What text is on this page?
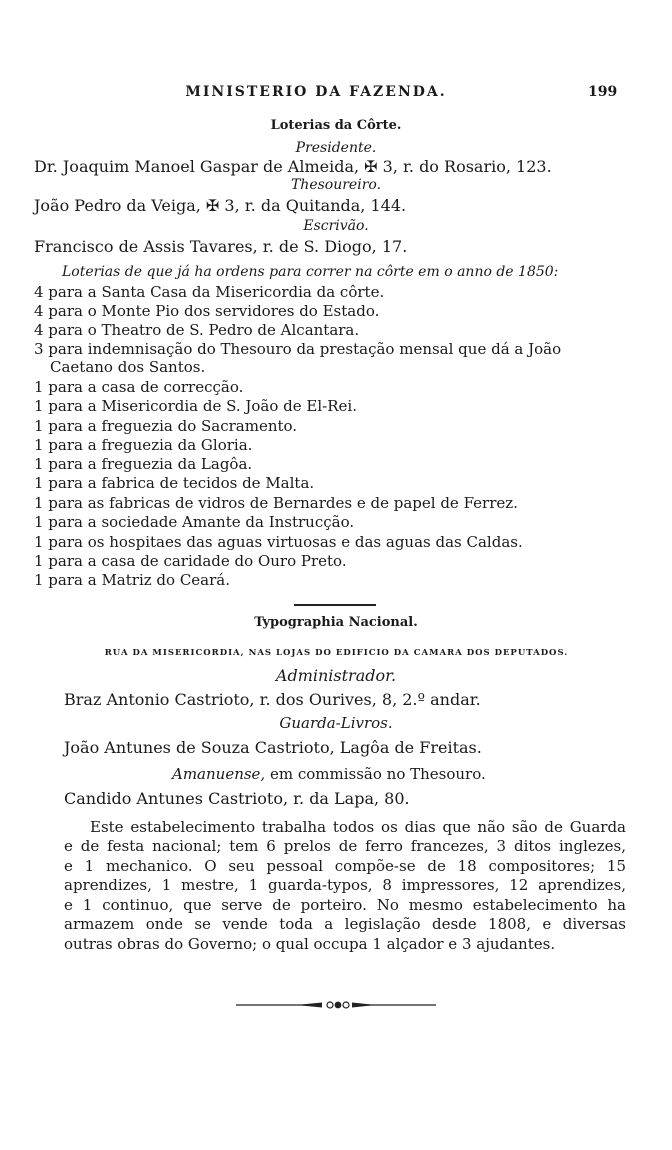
MINISTERIO DA FAZENDA.	199
Loterias da Côrte.
Presidente.
Dr. Joaquim Manoel Gaspar de Almeida, ✠ 3, r. do Rosario, 123.
Thesoureiro.
João Pedro da Veiga, ✠ 3, r. da Quitanda, 144.
Escrivão.
Francisco de Assis Tavares, r. de S. Diogo, 17.
Loterias de que já ha ordens para correr na côrte em o anno de 1850:
4 para a Santa Casa da Misericordia da côrte.
4 para o Monte Pio dos servidores do Estado.
4 para o Theatro de S. Pedro de Alcantara.
3 para indemnisação do Thesouro da prestação mensal que dá a João
Caetano dos Santos.
1 para a casa de correcção.
1 para a Misericordia de S. João de El-Rei.
1 para a freguezia do Sacramento.
1 para a freguezia da Gloria.
1 para a freguezia da Lagôa.
1 para a fabrica de tecidos de Malta.
1 para as fabricas de vidros de Bernardes e de papel de Ferrez.
1 para a sociedade Amante da Instrucção.
1 para os hospitaes das aguas virtuosas e das aguas das Caldas.
1 para a casa de caridade do Ouro Preto.
1 para a Matriz do Ceará.
Typographia Nacional.
RUA DA MISERICORDIA, NAS LOJAS DO EDIFICIO DA CAMARA DOS DEPUTADOS.
Administrador.
Braz Antonio Castrioto, r. dos Ourives, 8, 2.º andar.
Guarda-Livros.
João Antunes de Souza Castrioto, Lagôa de Freitas.
Amanuense, em commissão no Thesouro.
Candido Antunes Castrioto, r. da Lapa, 80.
Este estabelecimento trabalha todos os dias que não são de Guarda
e de festa nacional; tem 6 prelos de ferro francezes, 3 ditos inglezes,
e 1 mechanico. O seu pessoal compõe-se de 18 compositores; 15
aprendizes, 1 mestre, 1 guarda-typos, 8 impressores, 12 aprendizes,
e 1 continuo, que serve de porteiro. No mesmo estabelecimento ha
armazem onde se vende toda a legislação desde 1808, e diversas
outras obras do Governo; o qual occupa 1 alçador e 3 ajudantes.
